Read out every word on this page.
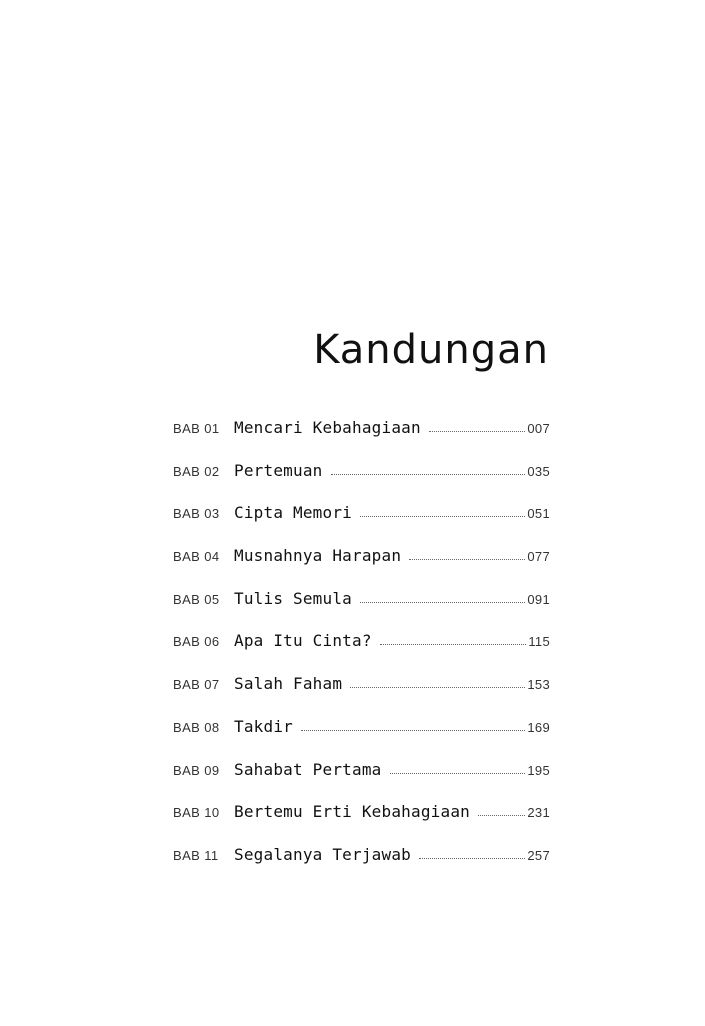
Kandungan
BAB 01 Mencari Kebahagiaan	007
BAB 02 Pertemuan	035
BAB 03 Cipta Memori	051
BAB 04 Musnahnya Harapan	077
BAB 05 Tulis Semula	091
BAB 06 Apa Itu Cinta?	115
BAB 07 Salah Faham	153
BAB 08 Takdir	169
BAB 09 Sahabat Pertama	195
BAB 10 Bertemu Erti Kebahagiaan	231
BAB 11 Segalanya Terjawab	257
